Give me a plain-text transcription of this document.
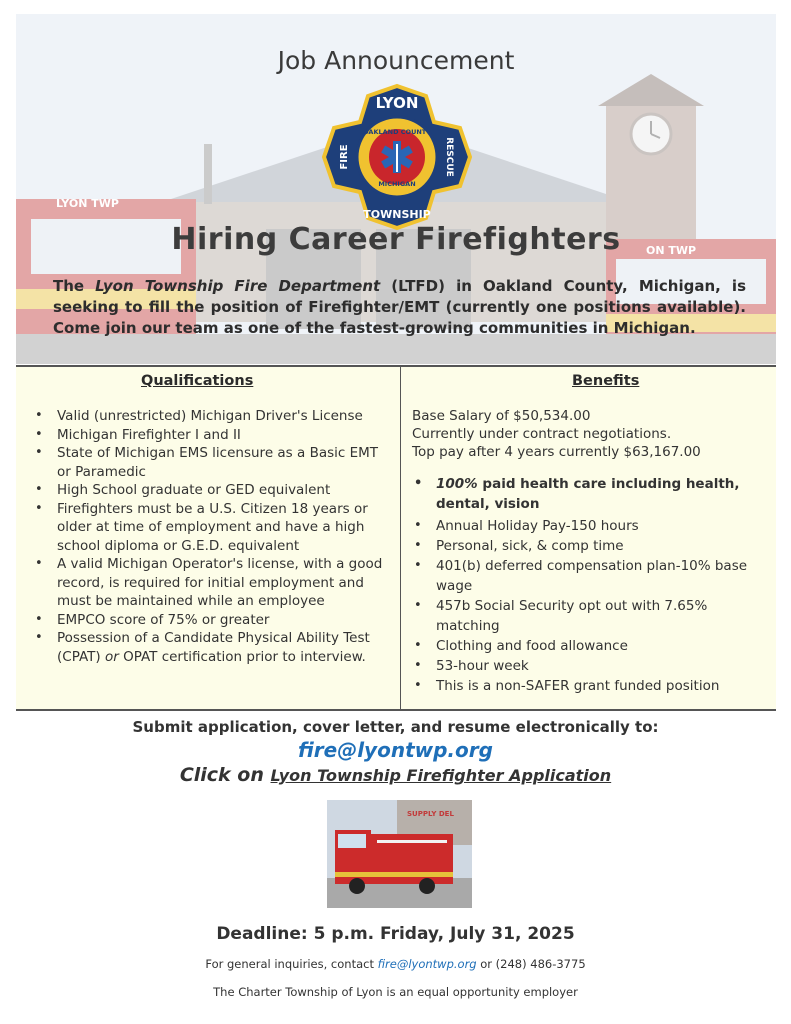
Job Announcement
LYON
TOWNSHIP
FIRE	RESCUE
OAKLAND COUNTY
MICHIGAN
Hiring Career Firefighters
The Lyon Township Fire Department (LTFD) in Oakland County, Michigan, is seeking to fill the position of Firefighter/EMT (currently one positions available). Come join our team as one of the fastest-growing communities in Michigan.
Qualifications
• Valid (unrestricted) Michigan Driver's License
• Michigan Firefighter I and II
• State of Michigan EMS licensure as a Basic EMT or Paramedic
• High School graduate or GED equivalent
• Firefighters must be a U.S. Citizen 18 years or older at time of employment and have a high school diploma or G.E.D. equivalent
• A valid Michigan Operator's license, with a good record, is required for initial employment and must be maintained while an employee
• EMPCO score of 75% or greater
• Possession of a Candidate Physical Ability Test (CPAT) or OPAT certification prior to interview.
Benefits
Base Salary of $50,534.00
Currently under contract negotiations.
Top pay after 4 years currently $63,167.00
• 100% paid health care including health, dental, vision
• Annual Holiday Pay-150 hours
• Personal, sick, & comp time
• 401(b) deferred compensation plan-10% base wage
• 457b Social Security opt out with 7.65% matching
• Clothing and food allowance
• 53-hour week
• This is a non-SAFER grant funded position
Submit application, cover letter, and resume electronically to:
fire@lyontwp.org
Click on Lyon Township Firefighter Application
SUPPLY DEL
Deadline: 5 p.m. Friday, July 31, 2025
For general inquiries, contact fire@lyontwp.org or (248) 486-3775
The Charter Township of Lyon is an equal opportunity employer
